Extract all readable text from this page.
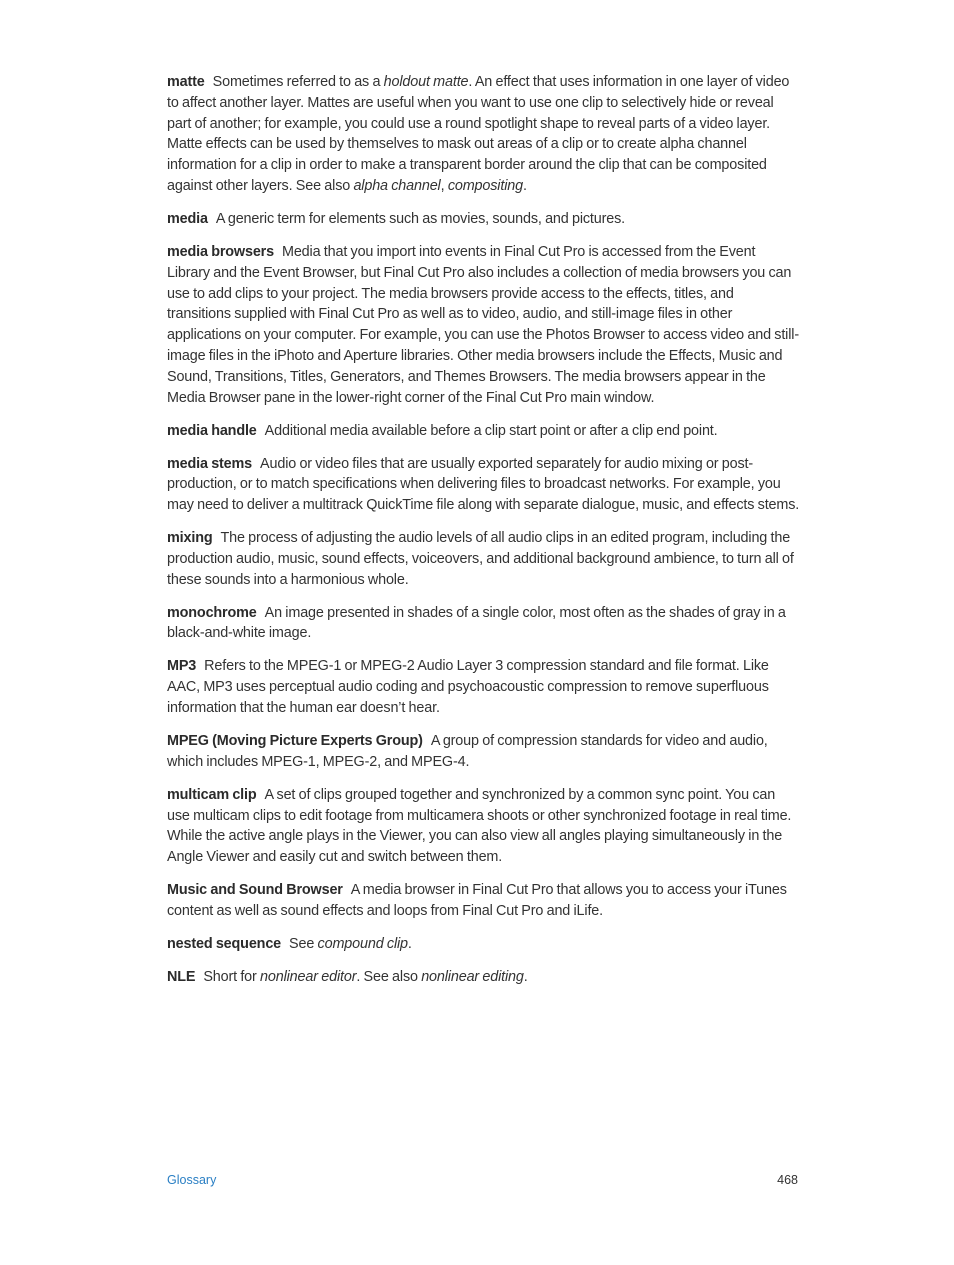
matte Sometimes referred to as a holdout matte. An effect that uses information in one layer of video to affect another layer. Mattes are useful when you want to use one clip to selectively hide or reveal part of another; for example, you could use a round spotlight shape to reveal parts of a video layer. Matte effects can be used by themselves to mask out areas of a clip or to create alpha channel information for a clip in order to make a transparent border around the clip that can be composited against other layers. See also alpha channel, compositing.

media A generic term for elements such as movies, sounds, and pictures.

media browsers Media that you import into events in Final Cut Pro is accessed from the Event Library and the Event Browser, but Final Cut Pro also includes a collection of media browsers you can use to add clips to your project. The media browsers provide access to the effects, titles, and transitions supplied with Final Cut Pro as well as to video, audio, and still-image files in other applications on your computer. For example, you can use the Photos Browser to access video and still-image files in the iPhoto and Aperture libraries. Other media browsers include the Effects, Music and Sound, Transitions, Titles, Generators, and Themes Browsers. The media browsers appear in the Media Browser pane in the lower-right corner of the Final Cut Pro main window.

media handle Additional media available before a clip start point or after a clip end point.

media stems Audio or video files that are usually exported separately for audio mixing or post-production, or to match specifications when delivering files to broadcast networks. For example, you may need to deliver a multitrack QuickTime file along with separate dialogue, music, and effects stems.

mixing The process of adjusting the audio levels of all audio clips in an edited program, including the production audio, music, sound effects, voiceovers, and additional background ambience, to turn all of these sounds into a harmonious whole.

monochrome An image presented in shades of a single color, most often as the shades of gray in a black-and-white image.

MP3 Refers to the MPEG-1 or MPEG-2 Audio Layer 3 compression standard and file format. Like AAC, MP3 uses perceptual audio coding and psychoacoustic compression to remove superfluous information that the human ear doesn’t hear.

MPEG (Moving Picture Experts Group) A group of compression standards for video and audio, which includes MPEG-1, MPEG-2, and MPEG-4.

multicam clip A set of clips grouped together and synchronized by a common sync point. You can use multicam clips to edit footage from multicamera shoots or other synchronized footage in real time. While the active angle plays in the Viewer, you can also view all angles playing simultaneously in the Angle Viewer and easily cut and switch between them.

Music and Sound Browser A media browser in Final Cut Pro that allows you to access your iTunes content as well as sound effects and loops from Final Cut Pro and iLife.

nested sequence See compound clip.

NLE Short for nonlinear editor. See also nonlinear editing.

Glossary	468
